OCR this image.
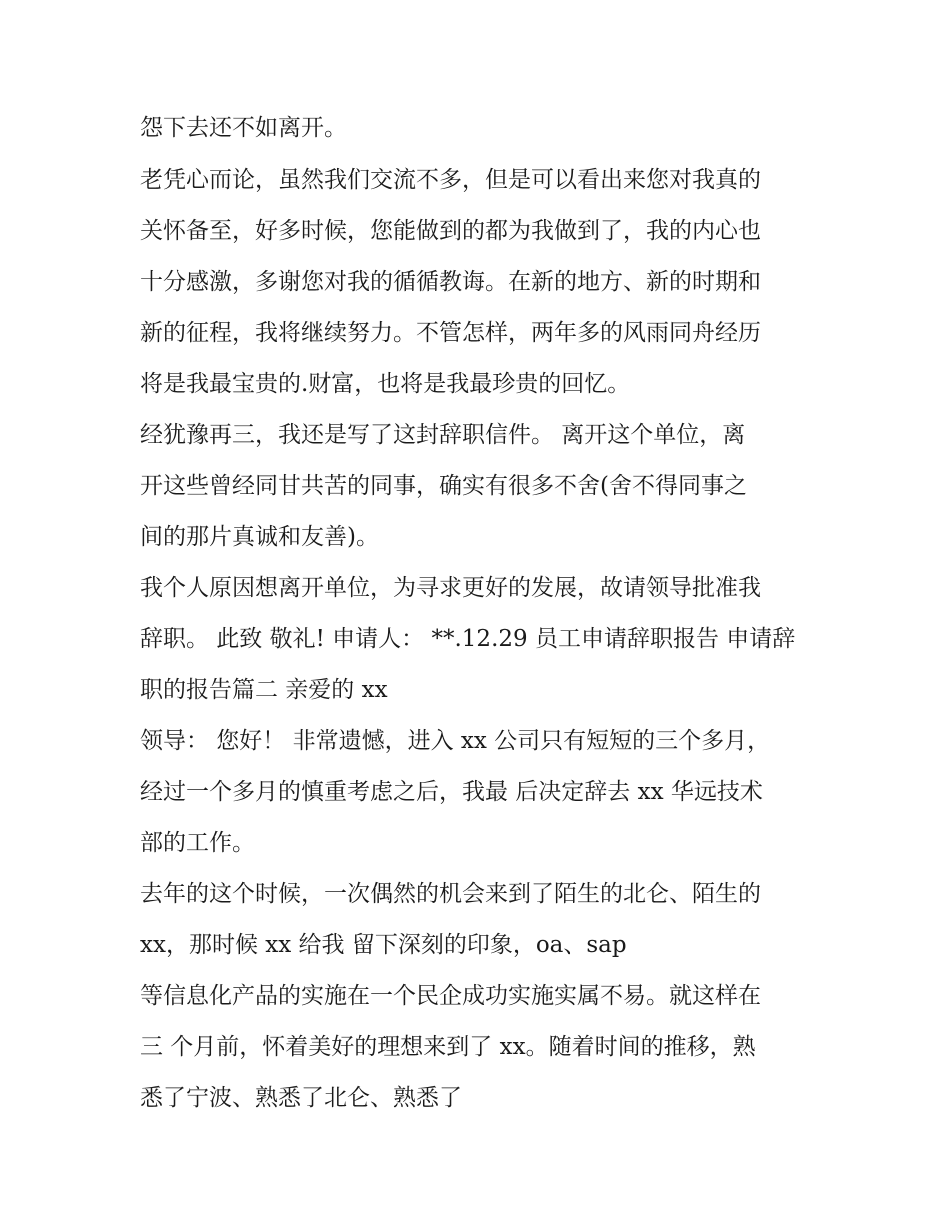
怨下去还不如离开。
老凭心而论，虽然我们交流不多，但是可以看出来您对我真的
关怀备至，好多时候，您能做到的都为我做到了，我的内心也
十分感激，多谢您对我的循循教诲。在新的地方、新的时期和
新的征程，我将继续努力。不管怎样，两年多的风雨同舟经历
将是我最宝贵的.财富，也将是我最珍贵的回忆。
经犹豫再三，我还是写了这封辞职信件。 离开这个单位，离
开这些曾经同甘共苦的同事，确实有很多不舍(舍不得同事之
间的那片真诚和友善)。
我个人原因想离开单位，为寻求更好的发展，故请领导批准我
辞职。 此致 敬礼! 申请人： **.12.29 员工申请辞职报告 申请辞
职的报告篇二 亲爱的 xx
领导： 您好！ 非常遗憾，进入 xx 公司只有短短的三个多月，
经过一个多月的慎重考虑之后，我最 后决定辞去 xx 华远技术
部的工作。
去年的这个时候，一次偶然的机会来到了陌生的北仑、陌生的
xx，那时候 xx 给我 留下深刻的印象，oa、sap
等信息化产品的实施在一个民企成功实施实属不易。就这样在
三 个月前，怀着美好的理想来到了 xx。随着时间的推移，熟
悉了宁波、熟悉了北仑、熟悉了
